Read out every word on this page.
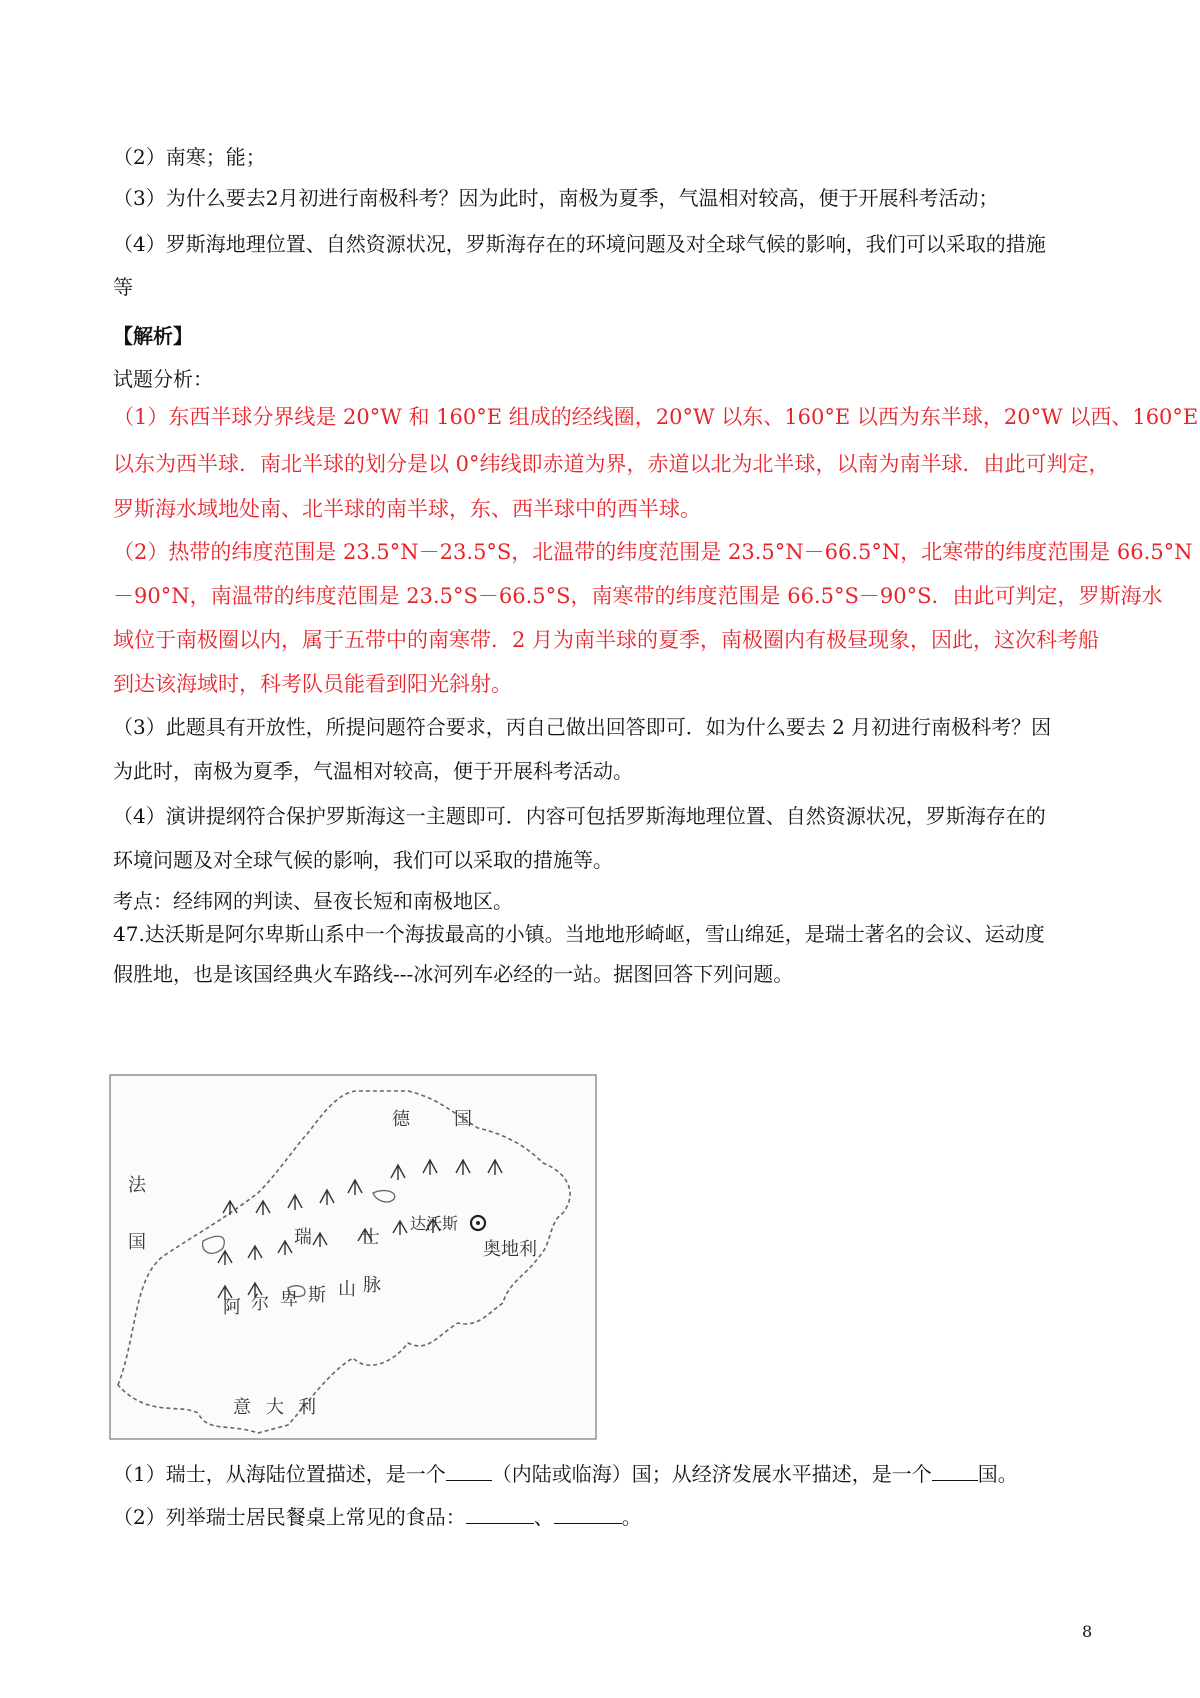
（2）南寒；能；
（3）为什么要去2月初进行南极科考？因为此时，南极为夏季，气温相对较高，便于开展科考活动；
（4）罗斯海地理位置、自然资源状况，罗斯海存在的环境问题及对全球气候的影响，我们可以采取的措施
等
【解析】
试题分析：
（1）东西半球分界线是 20°W 和 160°E 组成的经线圈，20°W 以东、160°E 以西为东半球，20°W 以西、160°E
以东为西半球．南北半球的划分是以 0°纬线即赤道为界，赤道以北为北半球，以南为南半球．由此可判定，
罗斯海水域地处南、北半球的南半球，东、西半球中的西半球。
（2）热带的纬度范围是 23.5°N－23.5°S，北温带的纬度范围是 23.5°N－66.5°N，北寒带的纬度范围是 66.5°N
－90°N，南温带的纬度范围是 23.5°S－66.5°S，南寒带的纬度范围是 66.5°S－90°S．由此可判定，罗斯海水
域位于南极圈以内，属于五带中的南寒带．2 月为南半球的夏季，南极圈内有极昼现象，因此，这次科考船
到达该海域时，科考队员能看到阳光斜射。
（3）此题具有开放性，所提问题符合要求，丙自己做出回答即可．如为什么要去 2 月初进行南极科考？因
为此时，南极为夏季，气温相对较高，便于开展科考活动。
（4）演讲提纲符合保护罗斯海这一主题即可．内容可包括罗斯海地理位置、自然资源状况，罗斯海存在的
环境问题及对全球气候的影响，我们可以采取的措施等。
考点：经纬网的判读、昼夜长短和南极地区。
47.达沃斯是阿尔卑斯山系中一个海拔最高的小镇。当地地形崎岖，雪山绵延，是瑞士著名的会议、运动度
假胜地，也是该国经典火车路线---冰河列车必经的一站。据图回答下列问题。
德 国
法
国	瑞	士
奥地利
达沃斯
阿 尔 卑 斯 山 脉
意 大 利
（1）瑞士，从海陆位置描述，是一个 （内陆或临海）国；从经济发展水平描述，是一个 国。
（2）列举瑞士居民餐桌上常见的食品：	、	。
8
